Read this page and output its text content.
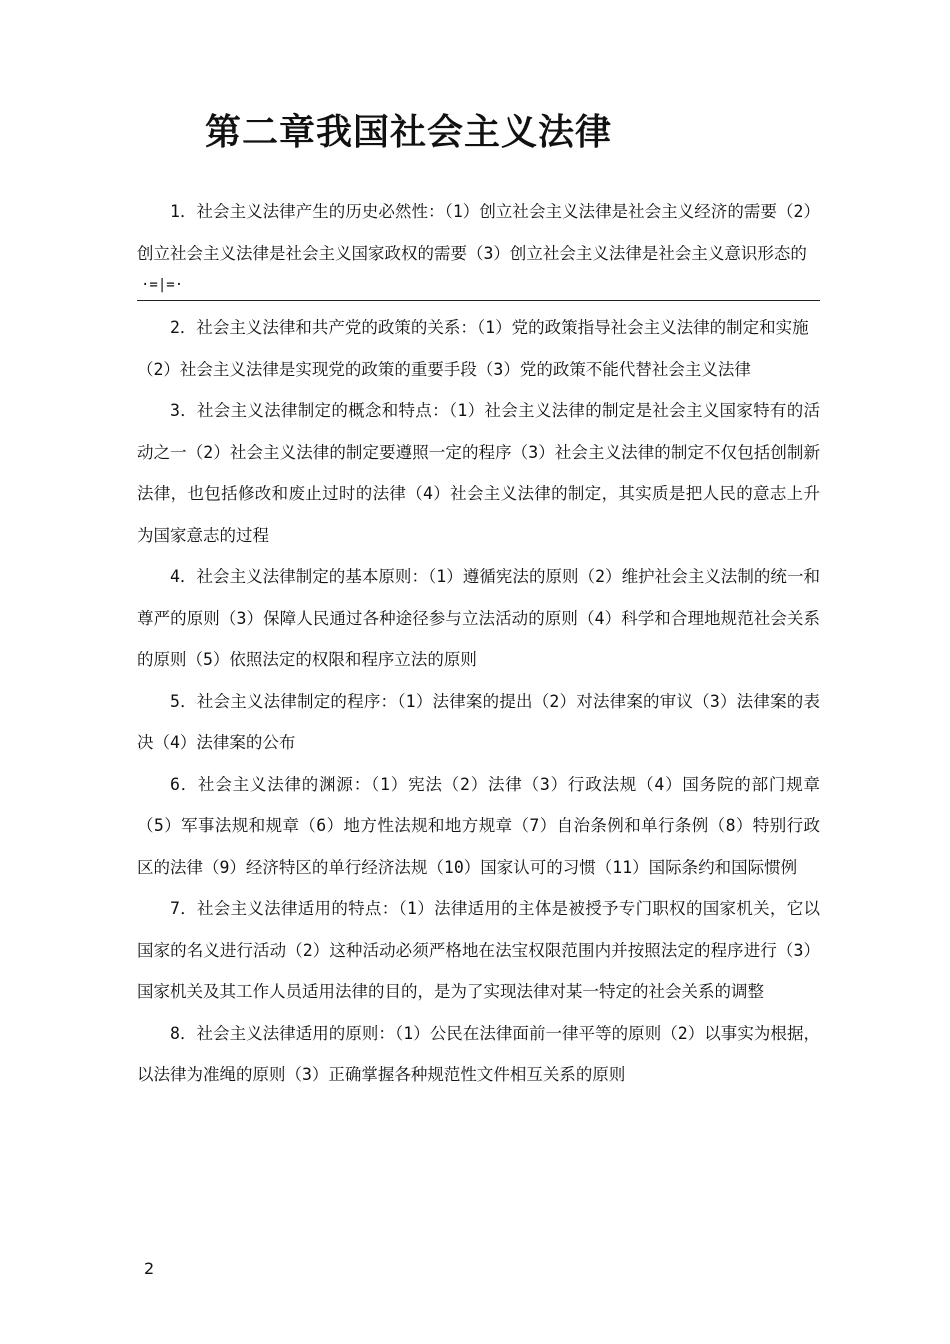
第二章我国社会主义法律

1．社会主义法律产生的历史必然性：（1）创立社会主义法律是社会主义经济的需要（2）创立社会主义法律是社会主义国家政权的需要（3）创立社会主义法律是社会主义意识形态的

·=|=·

2．社会主义法律和共产党的政策的关系：（1）党的政策指导社会主义法律的制定和实施

（2）社会主义法律是实现党的政策的重要手段（3）党的政策不能代替社会主义法律

3．社会主义法律制定的概念和特点：（1）社会主义法律的制定是社会主义国家特有的活动之一（2）社会主义法律的制定要遵照一定的程序（3）社会主义法律的制定不仅包括创制新法律，也包括修改和废止过时的法律（4）社会主义法律的制定，其实质是把人民的意志上升为国家意志的过程

4．社会主义法律制定的基本原则：（1）遵循宪法的原则（2）维护社会主义法制的统一和尊严的原则（3）保障人民通过各种途径参与立法活动的原则（4）科学和合理地规范社会关系的原则（5）依照法定的权限和程序立法的原则

5．社会主义法律制定的程序：（1）法律案的提出（2）对法律案的审议（3）法律案的表决（4）法律案的公布

6．社会主义法律的渊源：（1）宪法（2）法律（3）行政法规（4）国务院的部门规章（5）军事法规和规章（6）地方性法规和地方规章（7）自治条例和单行条例（8）特别行政区的法律（9）经济特区的单行经济法规（10）国家认可的习惯（11）国际条约和国际惯例

7．社会主义法律适用的特点：（1）法律适用的主体是被授予专门职权的国家机关，它以国家的名义进行活动（2）这种活动必须严格地在法宝权限范围内并按照法定的程序进行（3）国家机关及其工作人员适用法律的目的，是为了实现法律对某一特定的社会关系的调整

8．社会主义法律适用的原则：（1）公民在法律面前一律平等的原则（2）以事实为根据，以法律为准绳的原则（3）正确掌握各种规范性文件相互关系的原则

2
